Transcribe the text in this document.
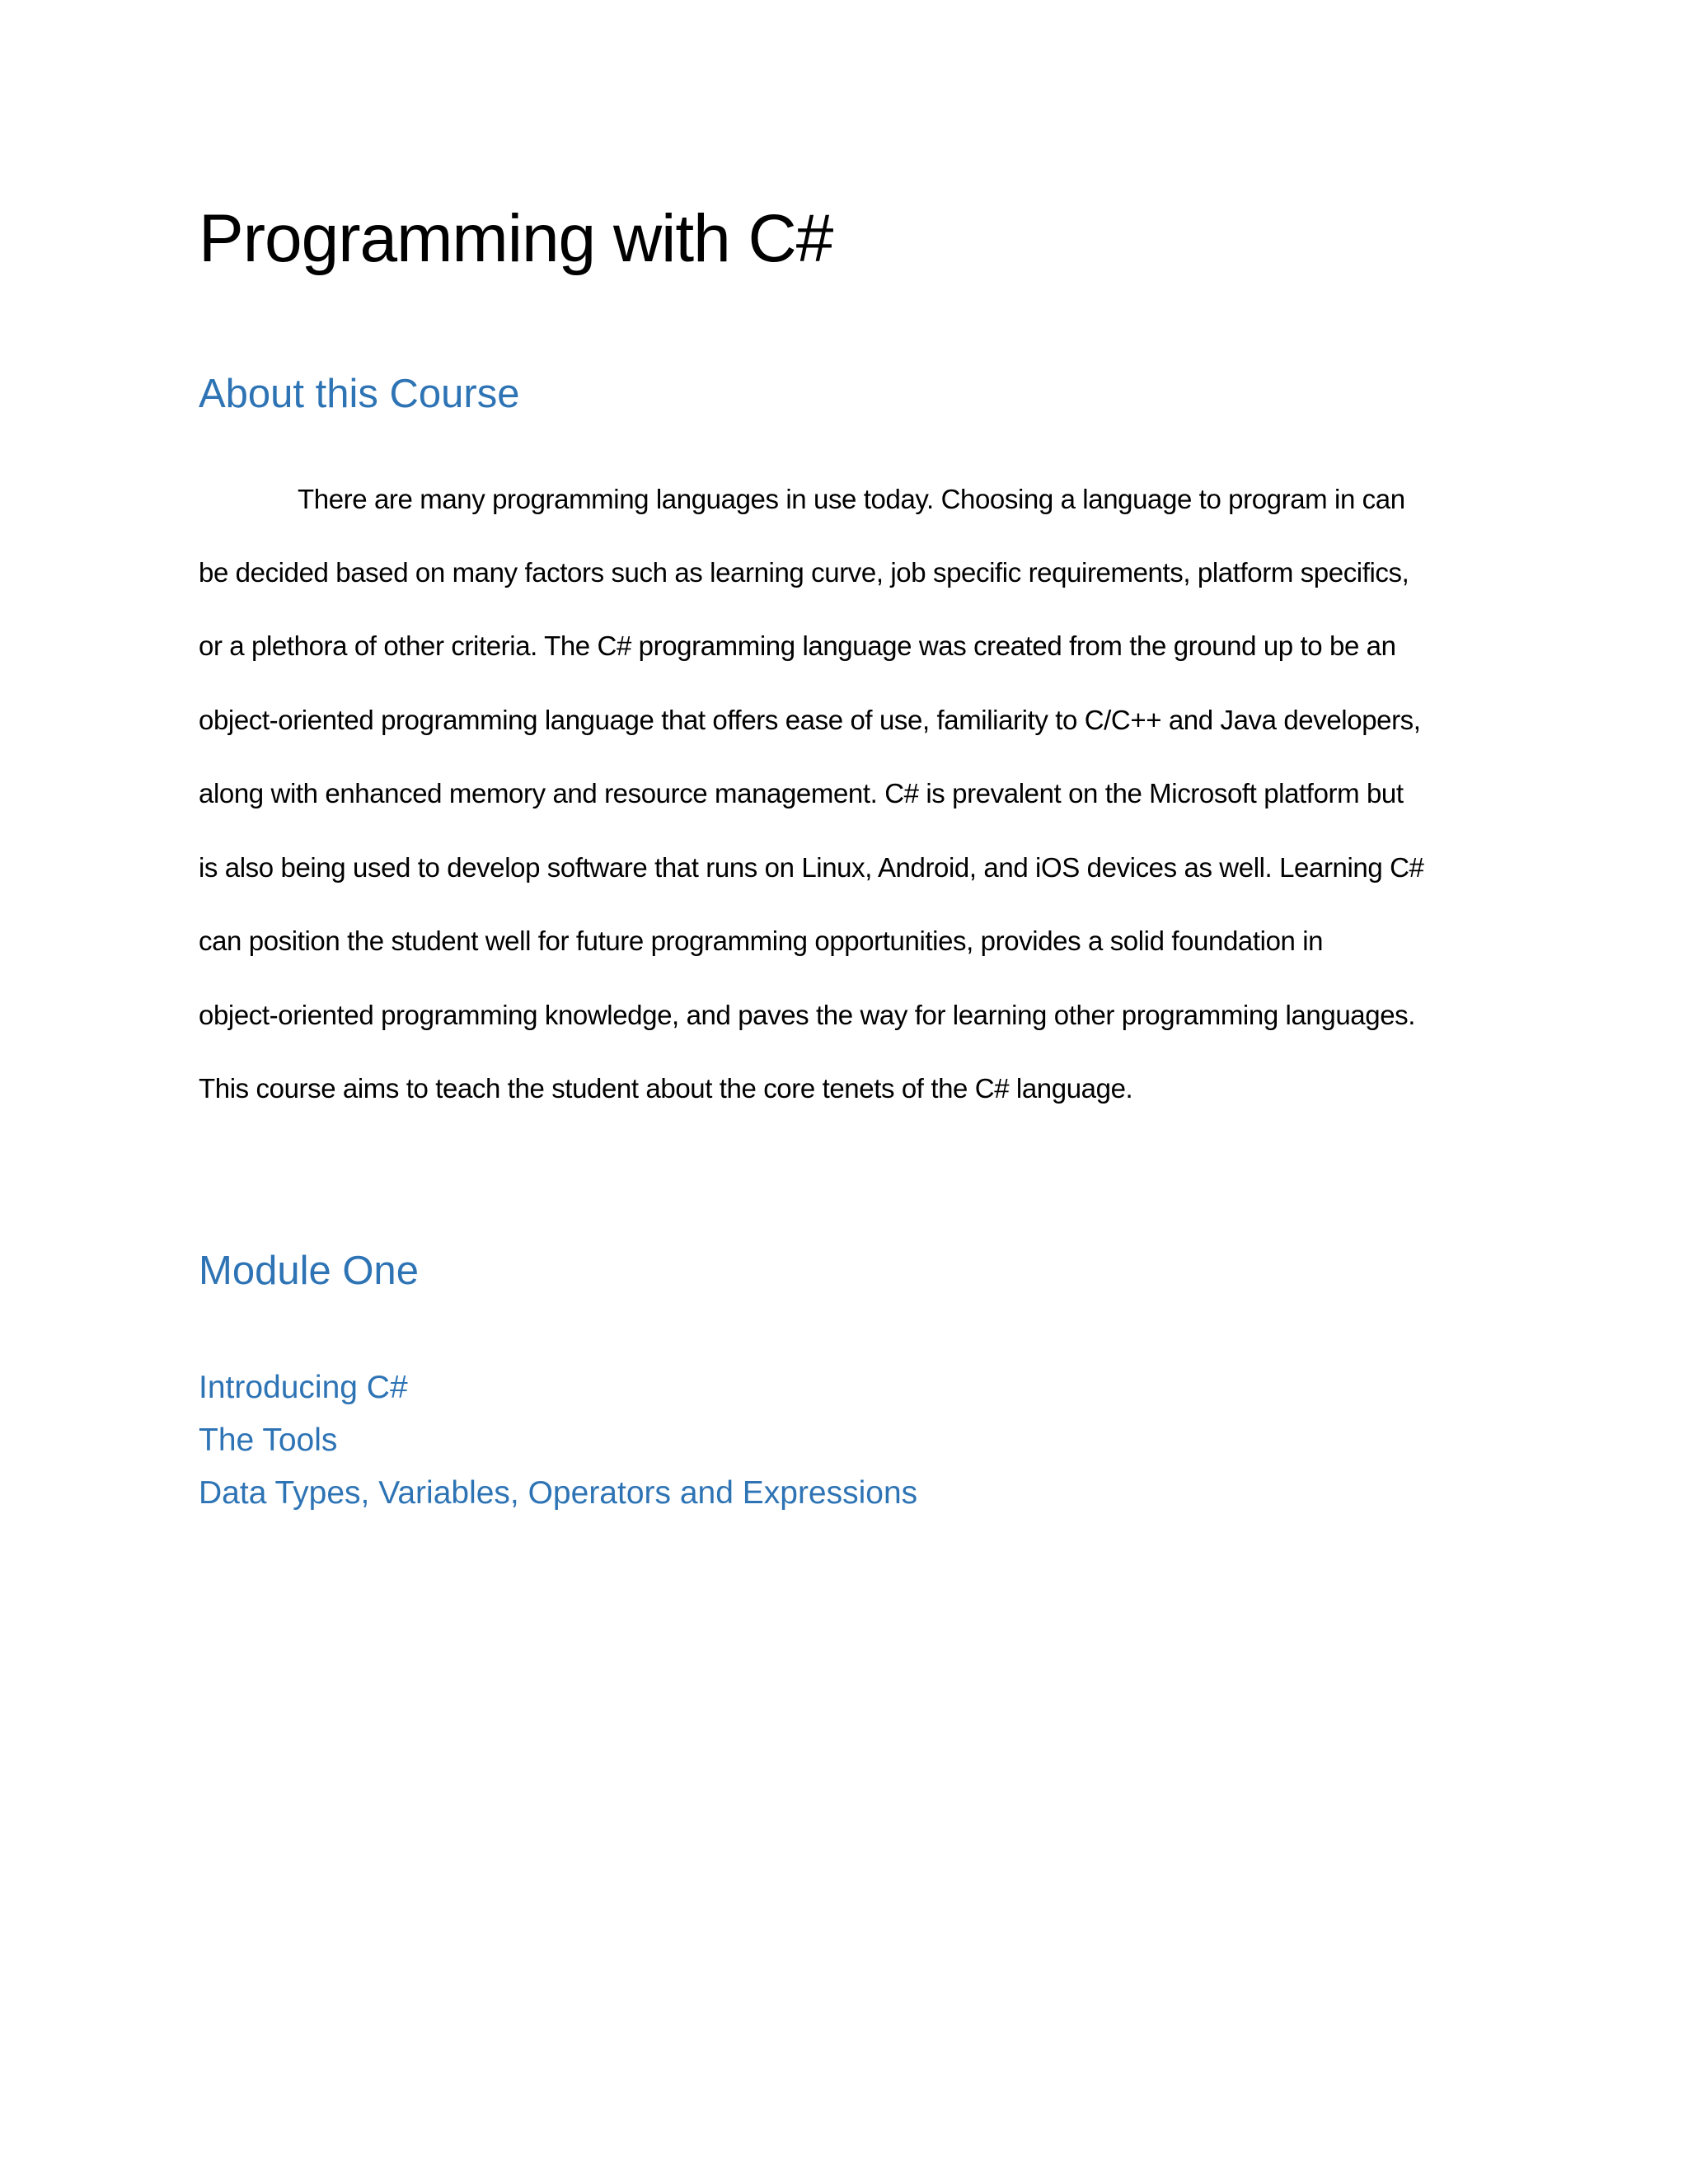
Programming with C#
About this Course

There are many programming languages in use today. Choosing a language to program in can

be decided based on many factors such as learning curve, job specific requirements, platform specifics,

or a plethora of other criteria. The C# programming language was created from the ground up to be an

object-oriented programming language that offers ease of use, familiarity to C/C++ and Java developers,

along with enhanced memory and resource management. C# is prevalent on the Microsoft platform but

is also being used to develop software that runs on Linux, Android, and iOS devices as well. Learning C#

can position the student well for future programming opportunities, provides a solid foundation in

object-oriented programming knowledge, and paves the way for learning other programming languages.

This course aims to teach the student about the core tenets of the C# language.

Module One
Introducing C#
The Tools
Data Types, Variables, Operators and Expressions
